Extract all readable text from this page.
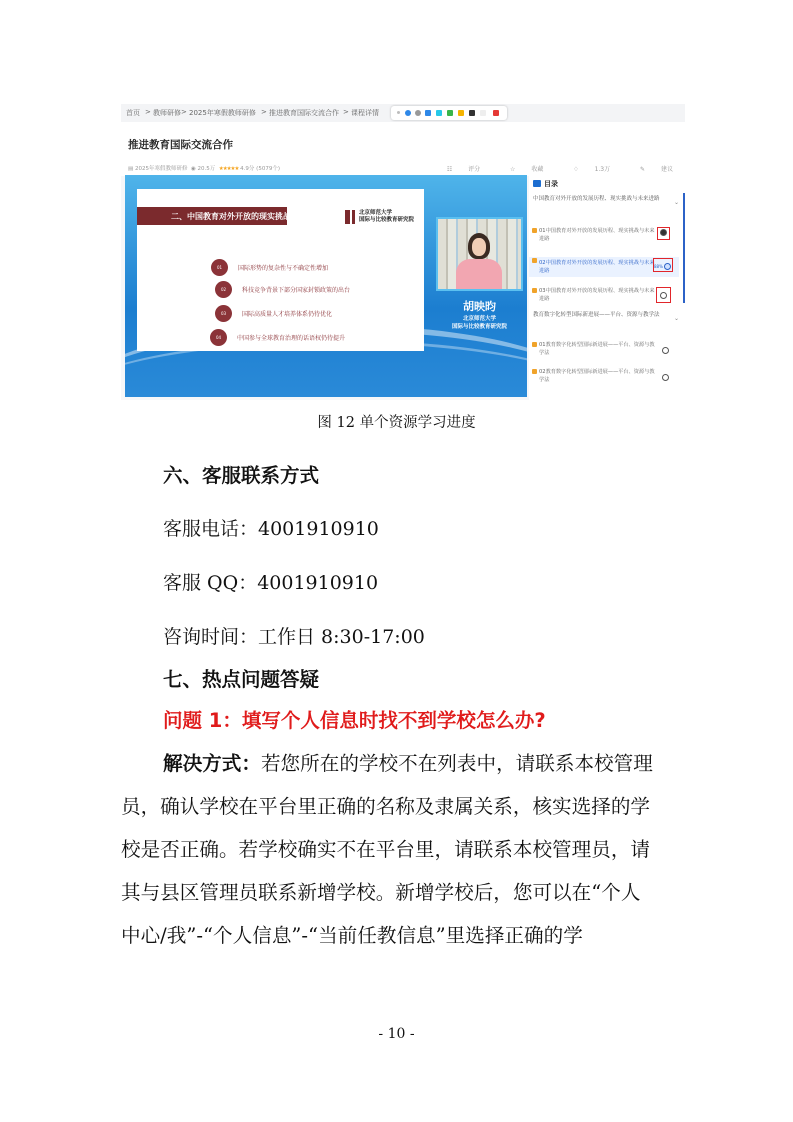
首页 > 教师研修 > 2025年寒假教师研修 > 推进教育国际交流合作 > 课程详情
推进教育国际交流合作
▤ 2025年寒假教师研修 ◉ 20.5万 ★★★★★ 4.9分 (5079个)	☷ 评分	☆ 收藏	♢ 1.3万	✎ 建议
二、中国教育对外开放的现实挑战	北京师范大学
国际与比较教育研究院
01	国际形势的复杂性与不确定性增加
02	科技竞争背景下部分国家封锁政策的出台
03	国际高质量人才培养体系仍待优化
04	中国参与全球教育治理的话语权仍待提升
胡映昀
北京师范大学
国际与比较教育研究院
目录
中国教育对外开放的发展历程、现实挑战与未来进路	⌄
01中国教育对外开放的发展历程、现实挑战与未来进路
02中国教育对外开放的发展历程、现实挑战与未来进路
88%
03中国教育对外开放的发展历程、现实挑战与未来进路
教育数字化转型国际新进展——平台、资源与教学法	⌄
01教育数字化转型国际新进展——平台、资源与教学法
02教育数字化转型国际新进展——平台、资源与教学法
图 12 单个资源学习进度
六、客服联系方式

客服电话：4001910910

客服 QQ：4001910910

咨询时间：工作日 8:30-17:00

七、热点问题答疑

问题 1：填写个人信息时找不到学校怎么办?

解决方式：若您所在的学校不在列表中，请联系本校管理

员，确认学校在平台里正确的名称及隶属关系，核实选择的学

校是否正确。若学校确实不在平台里，请联系本校管理员，请

其与县区管理员联系新增学校。新增学校后，您可以在“个人

中心/我”-“个人信息”-“当前任教信息”里选择正确的学

- 10 -
